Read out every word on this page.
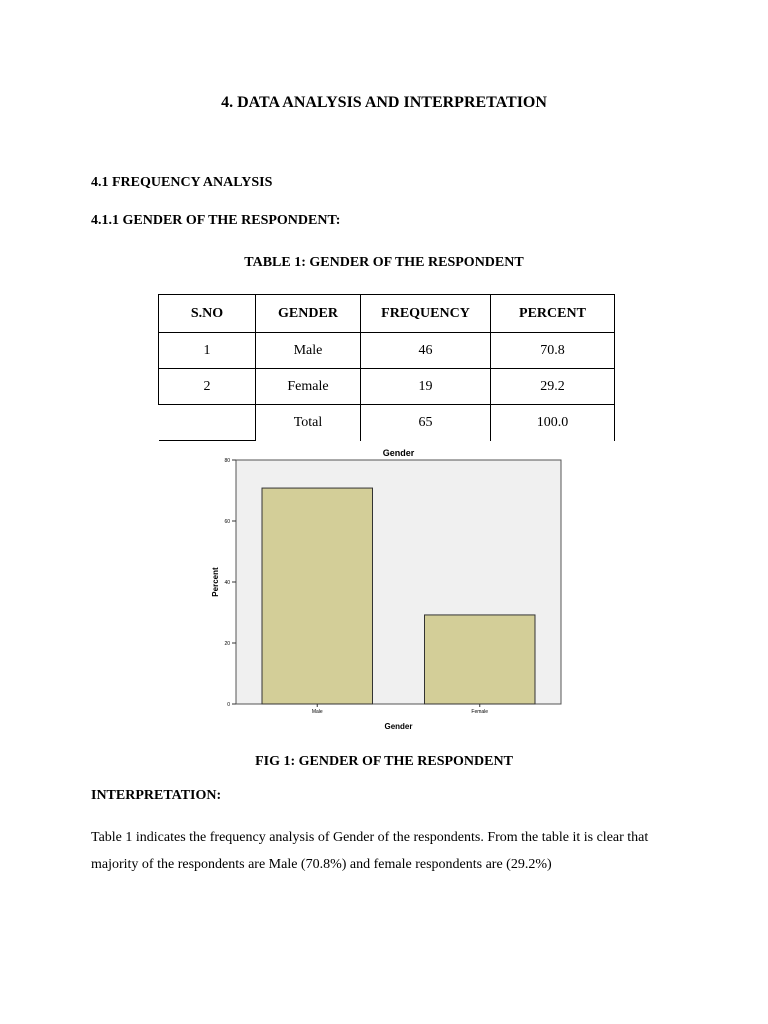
4. DATA ANALYSIS AND INTERPRETATION
4.1 FREQUENCY ANALYSIS
4.1.1 GENDER OF THE RESPONDENT:
TABLE 1: GENDER OF THE RESPONDENT
S.NO	GENDER	FREQUENCY	PERCENT
1	Male	46	70.8
2	Female	19	29.2
	Total	65	100.0
Gender
0
20
40
60
80
Male	Female
Gender
Percent
FIG 1: GENDER OF THE RESPONDENT
INTERPRETATION:
Table 1 indicates the frequency analysis of Gender of the respondents. From the table it is clear that majority of the respondents are Male (70.8%) and female respondents are (29.2%)
